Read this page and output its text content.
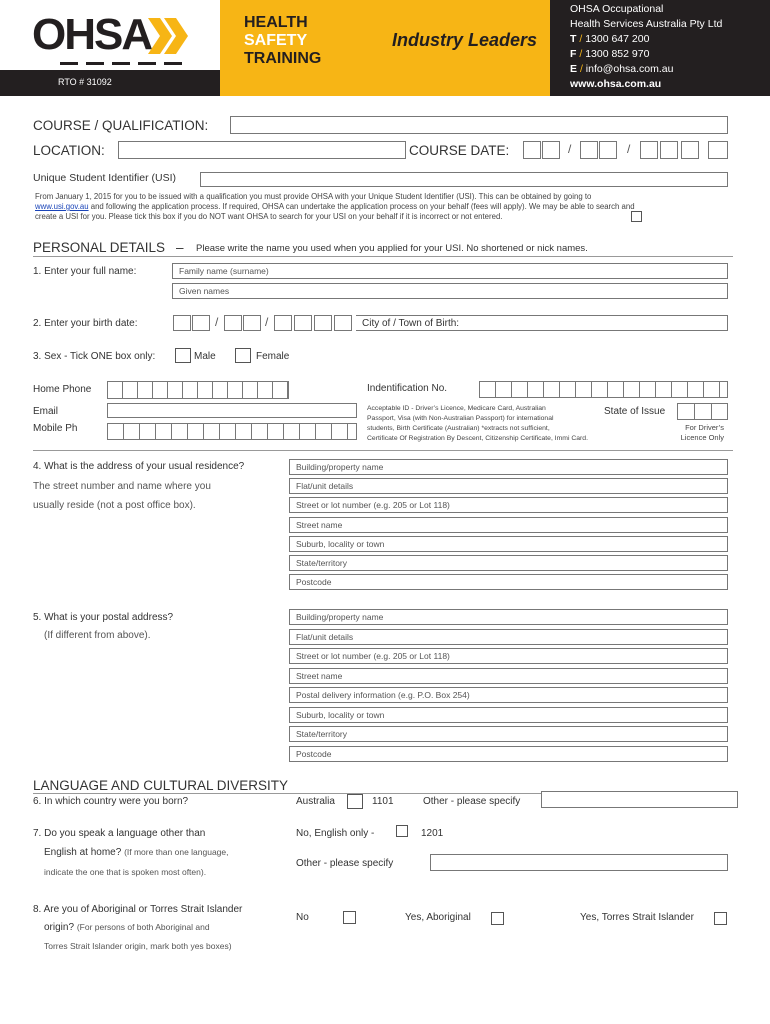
OHSA
RTO # 31092
HEALTH
SAFETY
TRAINING
Industry Leaders
OHSA Occupational
Health Services Australia Pty Ltd
T / 1300 647 200
F / 1300 852 970
E / info@ohsa.com.au
www.ohsa.com.au
COURSE / QUALIFICATION:
LOCATION:	COURSE DATE:	/	/
Unique Student Identifier (USI)
From January 1, 2015 for you to be issued with a qualification you must provide OHSA with your Unique Student Identifier (USI). This can be obtained by going to
www.usi.gov.au and following the application process. If required, OHSA can undertake the application process on your behalf (fees will apply). We may be able to search and
create a USI for you. Please tick this box if you do NOT want OHSA to search for your USI on your behalf if it is incorrect or not entered.
PERSONAL DETAILS – Please write the name you used when you applied for your USI. No shortened or nick names.
1. Enter your full name:	Family name (surname)
Given names
2. Enter your birth date:	/	/	City of / Town of Birth:
3. Sex - Tick ONE box only:	Male	Female
Home Phone
Email
Mobile Ph
Indentification No.
Acceptable ID - Driver’s Licence, Medicare Card, Australian
Passport, Visa (with Non-Australian Passport) for international
students, Birth Certificate (Australian) *extracts not sufficient,
Certificate Of Registration By Descent, Citizenship Certificate, Immi Card.
State of Issue
For Driver’s
Licence Only
4. What is the address of your usual residence?
The street number and name where you
usually reside (not a post office box).
Building/property name
Flat/unit details
Street or lot number (e.g. 205 or Lot 118)
Street name
Suburb, locality or town
State/territory
Postcode
5. What is your postal address?
(If different from above).
Building/property name
Flat/unit details
Street or lot number (e.g. 205 or Lot 118)
Street name
Postal delivery information (e.g. P.O. Box 254)
Suburb, locality or town
State/territory
Postcode
LANGUAGE AND CULTURAL DIVERSITY
6. In which country were you born?	Australia	1101	Other - please specify
7. Do you speak a language other than
English at home? (If more than one language,
indicate the one that is spoken most often).
No, English only -	1201
Other - please specify
8. Are you of Aboriginal or Torres Strait Islander
origin? (For persons of both Aboriginal and
Torres Strait Islander origin, mark both yes boxes)
No	Yes, Aboriginal	Yes, Torres Strait Islander
